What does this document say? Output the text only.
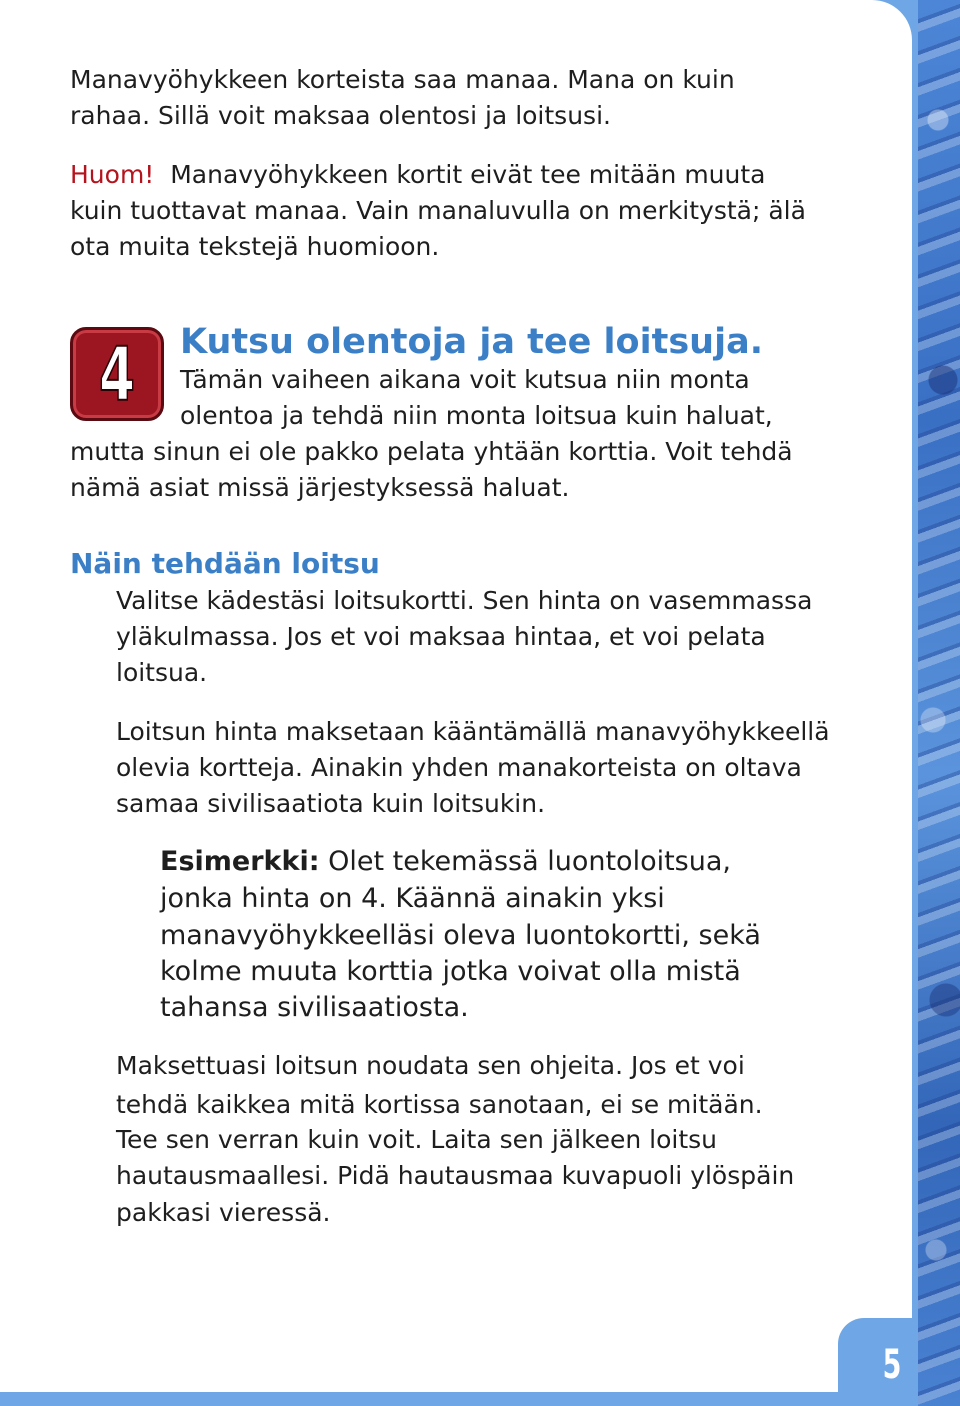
Manavyöhykkeen korteista saa manaa. Mana on kuin

rahaa. Sillä voit maksaa olentosi ja loitsusi.

Huom! Manavyöhykkeen kortit eivät tee mitään muuta

kuin tuottavat manaa. Vain manaluvulla on merkitystä; älä

ota muita tekstejä huomioon.

4	Kutsu olentoja ja tee loitsuja.

Tämän vaiheen aikana voit kutsua niin monta

olentoa ja tehdä niin monta loitsua kuin haluat,

mutta sinun ei ole pakko pelata yhtään korttia. Voit tehdä

nämä asiat missä järjestyksessä haluat.

Näin tehdään loitsu

Valitse kädestäsi loitsukortti. Sen hinta on vasemmassa

yläkulmassa. Jos et voi maksaa hintaa, et voi pelata

loitsua.

Loitsun hinta maksetaan kääntämällä manavyöhykkeellä

olevia kortteja. Ainakin yhden manakorteista on oltava

samaa sivilisaatiota kuin loitsukin.

Esimerkki: Olet tekemässä luontoloitsua,

jonka hinta on 4. Käännä ainakin yksi

manavyöhykkeelläsi oleva luontokortti, sekä

kolme muuta korttia jotka voivat olla mistä

tahansa sivilisaatiosta.

Maksettuasi loitsun noudata sen ohjeita. Jos et voi

tehdä kaikkea mitä kortissa sanotaan, ei se mitään.

Tee sen verran kuin voit. Laita sen jälkeen loitsu

hautausmaallesi. Pidä hautausmaa kuvapuoli ylöspäin

pakkasi vieressä.

5
